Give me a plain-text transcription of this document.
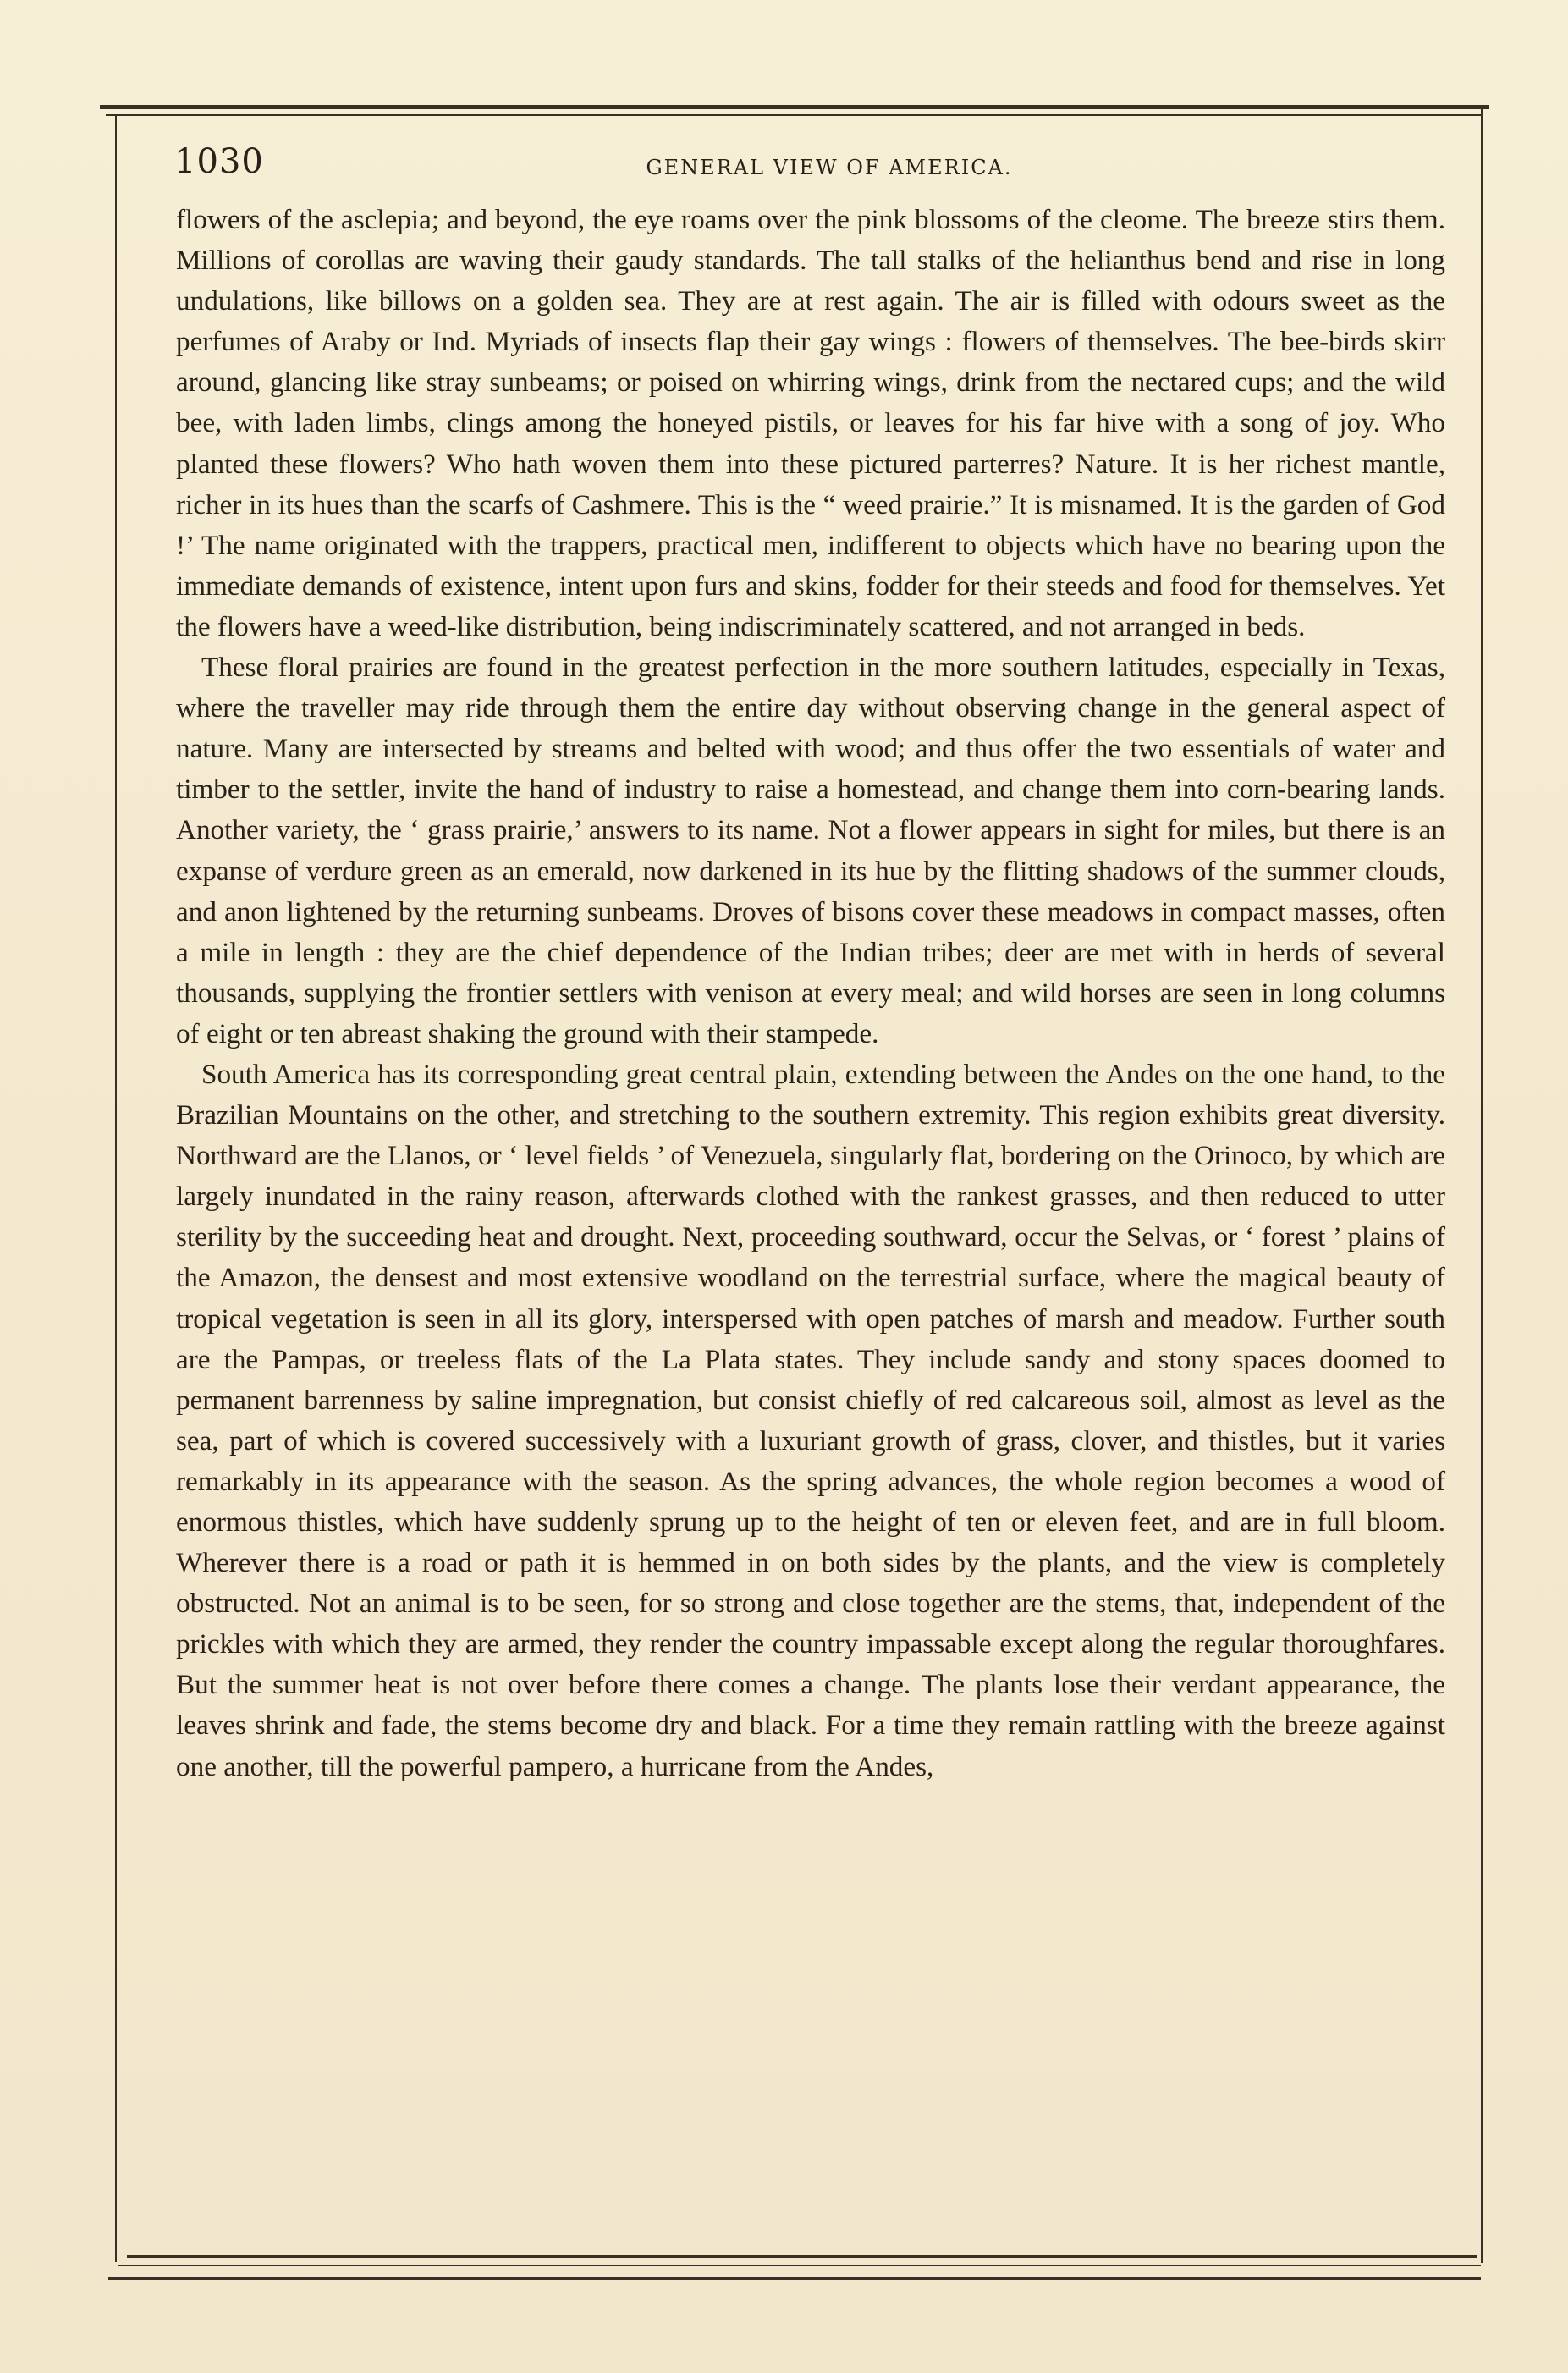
1030	GENERAL VIEW OF AMERICA.

flowers of the asclepia; and beyond, the eye roams over the pink blossoms of the cleome. The breeze stirs them. Millions of corollas are waving their gaudy standards. The tall stalks of the helianthus bend and rise in long undulations, like billows on a golden sea. They are at rest again. The air is filled with odours sweet as the perfumes of Araby or Ind. Myriads of insects flap their gay wings : flowers of themselves. The bee-birds skirr around, glancing like stray sunbeams; or poised on whirring wings, drink from the nectared cups; and the wild bee, with laden limbs, clings among the honeyed pistils, or leaves for his far hive with a song of joy. Who planted these flowers? Who hath woven them into these pictured parterres? Nature. It is her richest mantle, richer in its hues than the scarfs of Cashmere. This is the “ weed prairie.” It is misnamed. It is the garden of God !’ The name originated with the trappers, practical men, indifferent to objects which have no bearing upon the immediate demands of existence, intent upon furs and skins, fodder for their steeds and food for themselves. Yet the flowers have a weed-like distribution, being indiscriminately scattered, and not arranged in beds.

These floral prairies are found in the greatest perfection in the more southern latitudes, especially in Texas, where the traveller may ride through them the entire day without observing change in the general aspect of nature. Many are intersected by streams and belted with wood; and thus offer the two essentials of water and timber to the settler, invite the hand of industry to raise a homestead, and change them into corn-bearing lands. Another variety, the ‘ grass prairie,’ answers to its name. Not a flower appears in sight for miles, but there is an expanse of verdure green as an emerald, now darkened in its hue by the flitting shadows of the summer clouds, and anon lightened by the returning sunbeams. Droves of bisons cover these meadows in compact masses, often a mile in length : they are the chief dependence of the Indian tribes; deer are met with in herds of several thousands, supplying the frontier settlers with venison at every meal; and wild horses are seen in long columns of eight or ten abreast shaking the ground with their stampede.

South America has its corresponding great central plain, extending between the Andes on the one hand, to the Brazilian Mountains on the other, and stretching to the southern extremity. This region exhibits great diversity. Northward are the Llanos, or ‘ level fields ’ of Venezuela, singularly flat, bordering on the Orinoco, by which are largely inundated in the rainy reason, afterwards clothed with the rankest grasses, and then reduced to utter sterility by the succeeding heat and drought. Next, proceeding southward, occur the Selvas, or ‘ forest ’ plains of the Amazon, the densest and most extensive woodland on the terrestrial surface, where the magical beauty of tropical vegetation is seen in all its glory, interspersed with open patches of marsh and meadow. Further south are the Pampas, or treeless flats of the La Plata states. They include sandy and stony spaces doomed to permanent barrenness by saline impregnation, but consist chiefly of red calcareous soil, almost as level as the sea, part of which is covered successively with a luxuriant growth of grass, clover, and thistles, but it varies remarkably in its appearance with the season. As the spring advances, the whole region becomes a wood of enormous thistles, which have suddenly sprung up to the height of ten or eleven feet, and are in full bloom. Wherever there is a road or path it is hemmed in on both sides by the plants, and the view is completely obstructed. Not an animal is to be seen, for so strong and close together are the stems, that, independent of the prickles with which they are armed, they render the country impassable except along the regular thoroughfares. But the summer heat is not over before there comes a change. The plants lose their verdant appearance, the leaves shrink and fade, the stems become dry and black. For a time they remain rattling with the breeze against one another, till the powerful pampero, a hurricane from the Andes,
